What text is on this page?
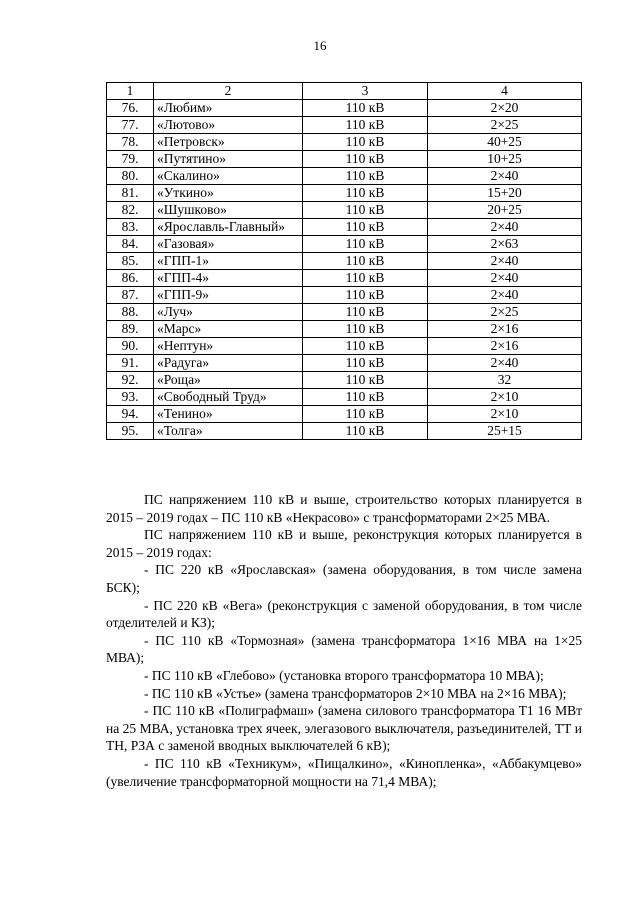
16
1	2	3	4
76.	«Любим»	110 кВ	2×20
77.	«Лютово»	110 кВ	2×25
78.	«Петровск»	110 кВ	40+25
79.	«Путятино»	110 кВ	10+25
80.	«Скалино»	110 кВ	2×40
81.	«Уткино»	110 кВ	15+20
82.	«Шушково»	110 кВ	20+25
83.	«Ярославль-Главный»	110 кВ	2×40
84.	«Газовая»	110 кВ	2×63
85.	«ГПП-1»	110 кВ	2×40
86.	«ГПП-4»	110 кВ	2×40
87.	«ГПП-9»	110 кВ	2×40
88.	«Луч»	110 кВ	2×25
89.	«Марс»	110 кВ	2×16
90.	«Нептун»	110 кВ	2×16
91.	«Радуга»	110 кВ	2×40
92.	«Роща»	110 кВ	32
93.	«Свободный Труд»	110 кВ	2×10
94.	«Тенино»	110 кВ	2×10
95.	«Толга»	110 кВ	25+15

ПС напряжением 110 кВ и выше, строительство которых планируется в 2015 – 2019 годах – ПС 110 кВ «Некрасово» с трансформаторами 2×25 МВА.

ПС напряжением 110 кВ и выше, реконструкция которых планируется в 2015 – 2019 годах:

- ПС 220 кВ «Ярославская» (замена оборудования, в том числе замена БСК);

- ПС 220 кВ «Вега» (реконструкция с заменой оборудования, в том числе отделителей и КЗ);

- ПС 110 кВ «Тормозная» (замена трансформатора 1×16 МВА на 1×25 МВА);

- ПС 110 кВ «Глебово» (установка второго трансформатора 10 МВА);

- ПС 110 кВ «Устье» (замена трансформаторов 2×10 МВА на 2×16 МВА);

- ПС 110 кВ «Полиграфмаш» (замена силового трансформатора Т1 16 МВт на 25 МВА, установка трех ячеек, элегазового выключателя, разъединителей, ТТ и ТН, РЗА с заменой вводных выключателей 6 кВ);

- ПС 110 кВ «Техникум», «Пищалкино», «Кинопленка», «Аббакумцево» (увеличение трансформаторной мощности на 71,4 МВА);
